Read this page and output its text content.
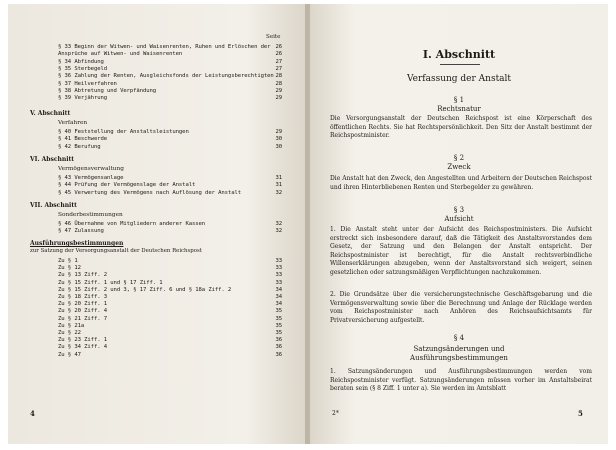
Seite
§ 33 Beginn der Witwen- und Waisenrenten, Ruhen und Erlöschen der 26
Ansprüche auf Witwen- und Waisenrenten	26
§ 34 Abfindung	27
§ 35 Sterbegeld	27
§ 36 Zahlung der Renten, Ausgleichsfonds der Leistungsberechtigten 28
§ 37 Heilverfahren	28
§ 38 Abtretung und Verpfändung	29
§ 39 Verjährung	29
V. Abschnitt
Verfahren
§ 40 Feststellung der Anstaltsleistungen	29
§ 41 Beschwerde	30
§ 42 Berufung	30
VI. Abschnitt
Vermögensverwaltung
§ 43 Vermögensanlage	31
§ 44 Prüfung der Vermögenslage der Anstalt	31
§ 45 Verwertung des Vermögens nach Auflösung der Anstalt	32
VII. Abschnitt
Sonderbestimmungen
§ 46 Übernahme von Mitgliedern anderer Kassen	32
§ 47 Zulassung	32
Ausführungsbestimmungen
zur Satzung der Versorgungsanstalt der Deutschen Reichspost
Zu § 1	33
Zu § 12	33
Zu § 13 Ziff. 2	33
Zu § 15 Ziff. 1 und § 17 Ziff. 1	33
Zu § 15 Ziff. 2 und 3, § 17 Ziff. 6 und § 18a Ziff. 2	34
Zu § 18 Ziff. 3	34
Zu § 20 Ziff. 1	34
Zu § 20 Ziff. 4	35
Zu § 21 Ziff. 7	35
Zu § 21a	35
Zu § 22	35
Zu § 23 Ziff. 1	36
Zu § 34 Ziff. 4	36
Zu § 47	36
4
I. Abschnitt
Verfassung der Anstalt
§ 1
Rechtsnatur
Die Versorgungsanstalt der Deutschen Reichspost ist eine Körperschaft des öffentlichen Rechts. Sie hat Rechtspersönlichkeit. Den Sitz der Anstalt bestimmt der Reichspostminister.
§ 2
Zweck
Die Anstalt hat den Zweck, den Angestellten und Arbeitern der Deutschen Reichspost und ihren Hinterbliebenen Renten und Sterbegelder zu gewähren.
§ 3
Aufsicht
1. Die Anstalt steht unter der Aufsicht des Reichspostministers. Die Aufsicht erstreckt sich insbesondere darauf, daß die Tätigkeit des Anstaltsvorstandes dem Gesetz, der Satzung und den Belangen der Anstalt entspricht. Der Reichspostminister ist berechtigt, für die Anstalt rechtsverbindliche Willenserklärungen abzugeben, wenn der Anstaltsvorstand sich weigert, seinen gesetzlichen oder satzungsmäßigen Verpflichtungen nachzukommen.
2. Die Grundsätze über die versicherungstechnische Geschäftsgebarung und die Vermögensverwaltung sowie über die Berechnung und Anlage der Rücklage werden vom Reichspostminister nach Anhören des Reichsaufsichtsamts für Privatversicherung aufgestellt.
§ 4
Satzungsänderungen und Ausführungsbestimmungen
1. Satzungsänderungen und Ausführungsbestimmungen werden vom Reichspostminister verfügt. Satzungsänderungen müssen vorher im Anstaltsbeirat beraten sein (§ 8 Ziff. 1 unter a). Sie werden im Amtsblatt
2*	5
